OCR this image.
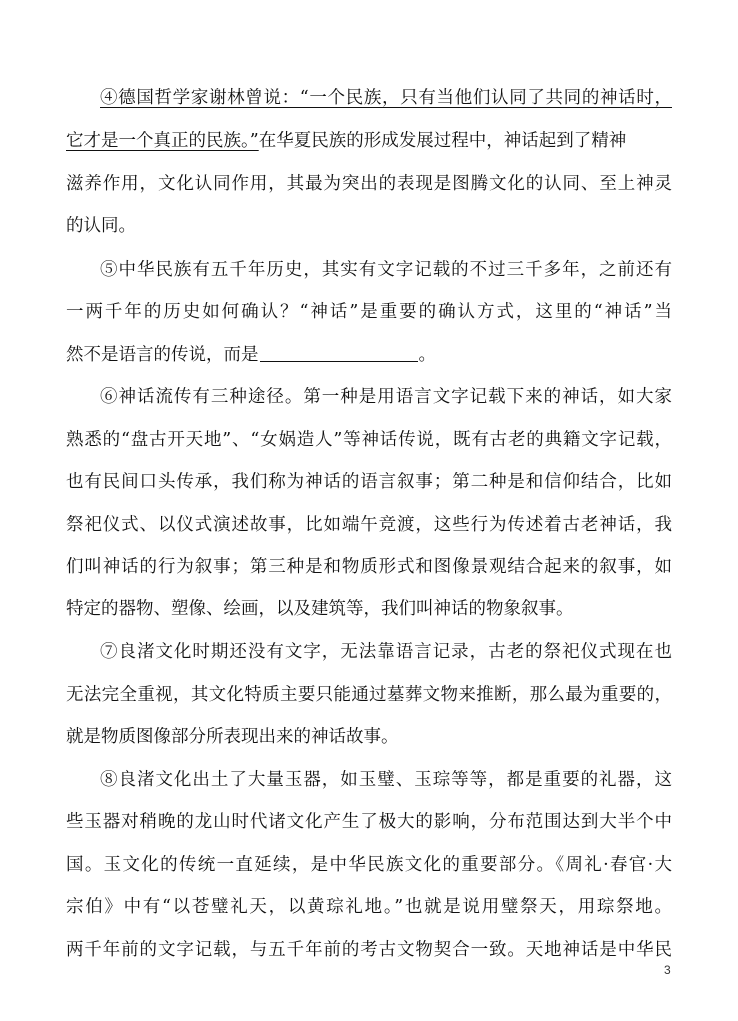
④德国哲学家谢林曾说：“一个民族，只有当他们认同了共同的神话时，
它才是一个真正的民族。”在华夏民族的形成发展过程中，神话起到了精神
滋养作用，文化认同作用，其最为突出的表现是图腾文化的认同、至上神灵
的认同。
⑤中华民族有五千年历史，其实有文字记载的不过三千多年，之前还有
一两千年的历史如何确认？“神话”是重要的确认方式，这里的“神话”当
然不是语言的传说，而是	。
⑥神话流传有三种途径。第一种是用语言文字记载下来的神话，如大家
熟悉的“盘古开天地”、“女娲造人”等神话传说，既有古老的典籍文字记载，
也有民间口头传承，我们称为神话的语言叙事；第二种是和信仰结合，比如
祭祀仪式、以仪式演述故事，比如端午竞渡，这些行为传述着古老神话，我
们叫神话的行为叙事；第三种是和物质形式和图像景观结合起来的叙事，如
特定的器物、塑像、绘画，以及建筑等，我们叫神话的物象叙事。
⑦良渚文化时期还没有文字，无法靠语言记录，古老的祭祀仪式现在也
无法完全重视，其文化特质主要只能通过墓葬文物来推断，那么最为重要的，
就是物质图像部分所表现出来的神话故事。
⑧良渚文化出土了大量玉器，如玉璧、玉琮等等，都是重要的礼器，这
些玉器对稍晚的龙山时代诸文化产生了极大的影响，分布范围达到大半个中
国。玉文化的传统一直延续，是中华民族文化的重要部分。《周礼·春官·大
宗伯》中有“以苍璧礼天，以黄琮礼地。”也就是说用璧祭天，用琮祭地。
两千年前的文字记载，与五千年前的考古文物契合一致。天地神话是中华民
3
